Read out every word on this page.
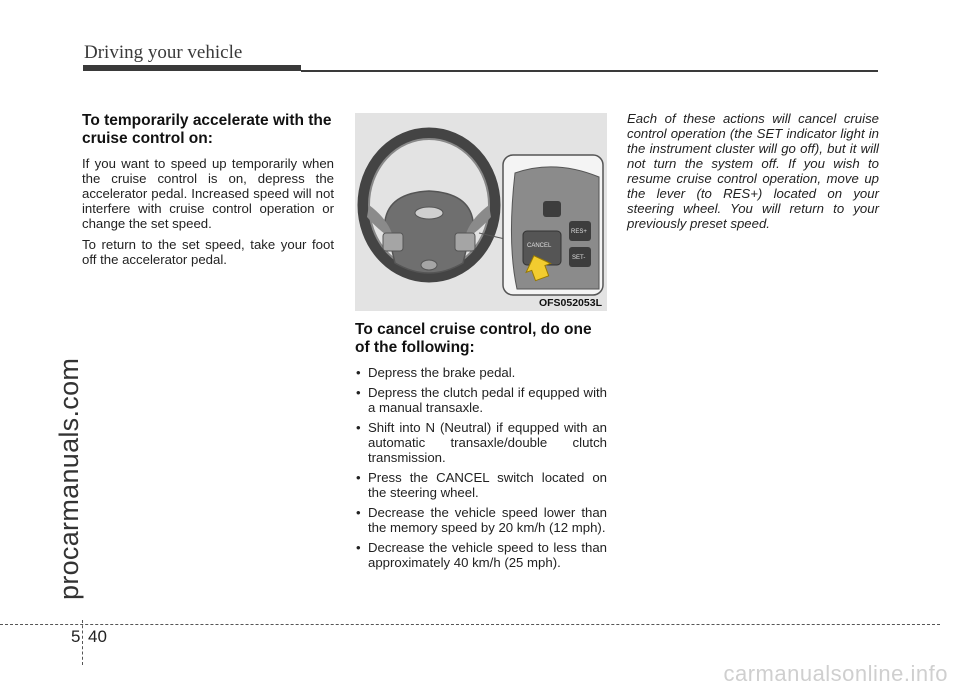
Driving your vehicle
procarmanuals.com
To temporarily accelerate with the cruise control on:

If you want to speed up temporarily when the cruise control is on, depress the accelerator pedal. Increased speed will not interfere with cruise control operation or change the set speed.

To return to the set speed, take your foot off the accelerator pedal.

CANCEL
RES+
SET-
OFS052053L
To cancel cruise control, do one of the following:
• Depress the brake pedal.
• Depress the clutch pedal if equpped with a manual transaxle.
• Shift into N (Neutral) if equpped with an automatic transaxle/double clutch transmission.
• Press the CANCEL switch located on the steering wheel.
• Decrease the vehicle speed lower than the memory speed by 20 km/h (12 mph).
• Decrease the vehicle speed to less than approximately 40 km/h (25 mph).

Each of these actions will cancel cruise control operation (the SET indicator light in the instrument cluster will go off), but it will not turn the system off. If you wish to resume cruise control operation, move up the lever (to RES+) located on your steering wheel. You will return to your previously preset speed.

5 40
carmanualsonline.info
